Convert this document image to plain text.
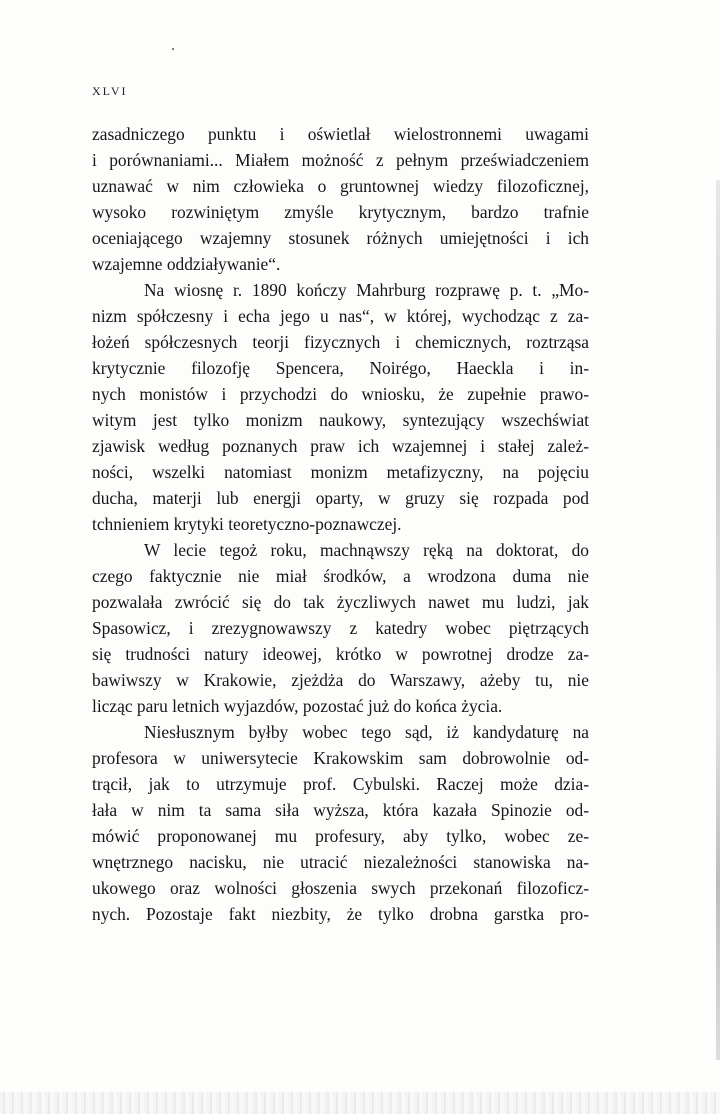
XLVI
zasadniczego punktu i oświetlał wielostronnemi uwagami
i porównaniami... Miałem możność z pełnym przeświadczeniem
uznawać w nim człowieka o gruntownej wiedzy filozoficznej,
wysoko rozwiniętym zmyśle krytycznym, bardzo trafnie
oceniającego wzajemny stosunek różnych umiejętności i ich
wzajemne oddziaływanie“.
Na wiosnę r. 1890 kończy Mahrburg rozprawę p. t. „Mo-
nizm spółczesny i echa jego u nas“, w której, wychodząc z za-
łożeń spółczesnych teorji fizycznych i chemicznych, roztrząsa
krytycznie filozofję Spencera, Noirégo, Haeckla i in-
nych monistów i przychodzi do wniosku, że zupełnie prawo-
witym jest tylko monizm naukowy, syntezujący wszechświat
zjawisk według poznanych praw ich wzajemnej i stałej zależ-
ności, wszelki natomiast monizm metafizyczny, na pojęciu
ducha, materji lub energji oparty, w gruzy się rozpada pod
tchnieniem krytyki teoretyczno-poznawczej.
W lecie tegoż roku, machnąwszy ręką na doktorat, do
czego faktycznie nie miał środków, a wrodzona duma nie
pozwalała zwrócić się do tak życzliwych nawet mu ludzi, jak
Spasowicz, i zrezygnowawszy z katedry wobec piętrzących
się trudności natury ideowej, krótko w powrotnej drodze za-
bawiwszy w Krakowie, zjeżdża do Warszawy, ażeby tu, nie
licząc paru letnich wyjazdów, pozostać już do końca życia.
Niesłusznym byłby wobec tego sąd, iż kandydaturę na
profesora w uniwersytecie Krakowskim sam dobrowolnie od-
trącił, jak to utrzymuje prof. Cybulski. Raczej może dzia-
łała w nim ta sama siła wyższa, która kazała Spinozie od-
mówić proponowanej mu profesury, aby tylko, wobec ze-
wnętrznego nacisku, nie utracić niezależności stanowiska na-
ukowego oraz wolności głoszenia swych przekonań filozoficz-
nych. Pozostaje fakt niezbity, że tylko drobna garstka pro-
